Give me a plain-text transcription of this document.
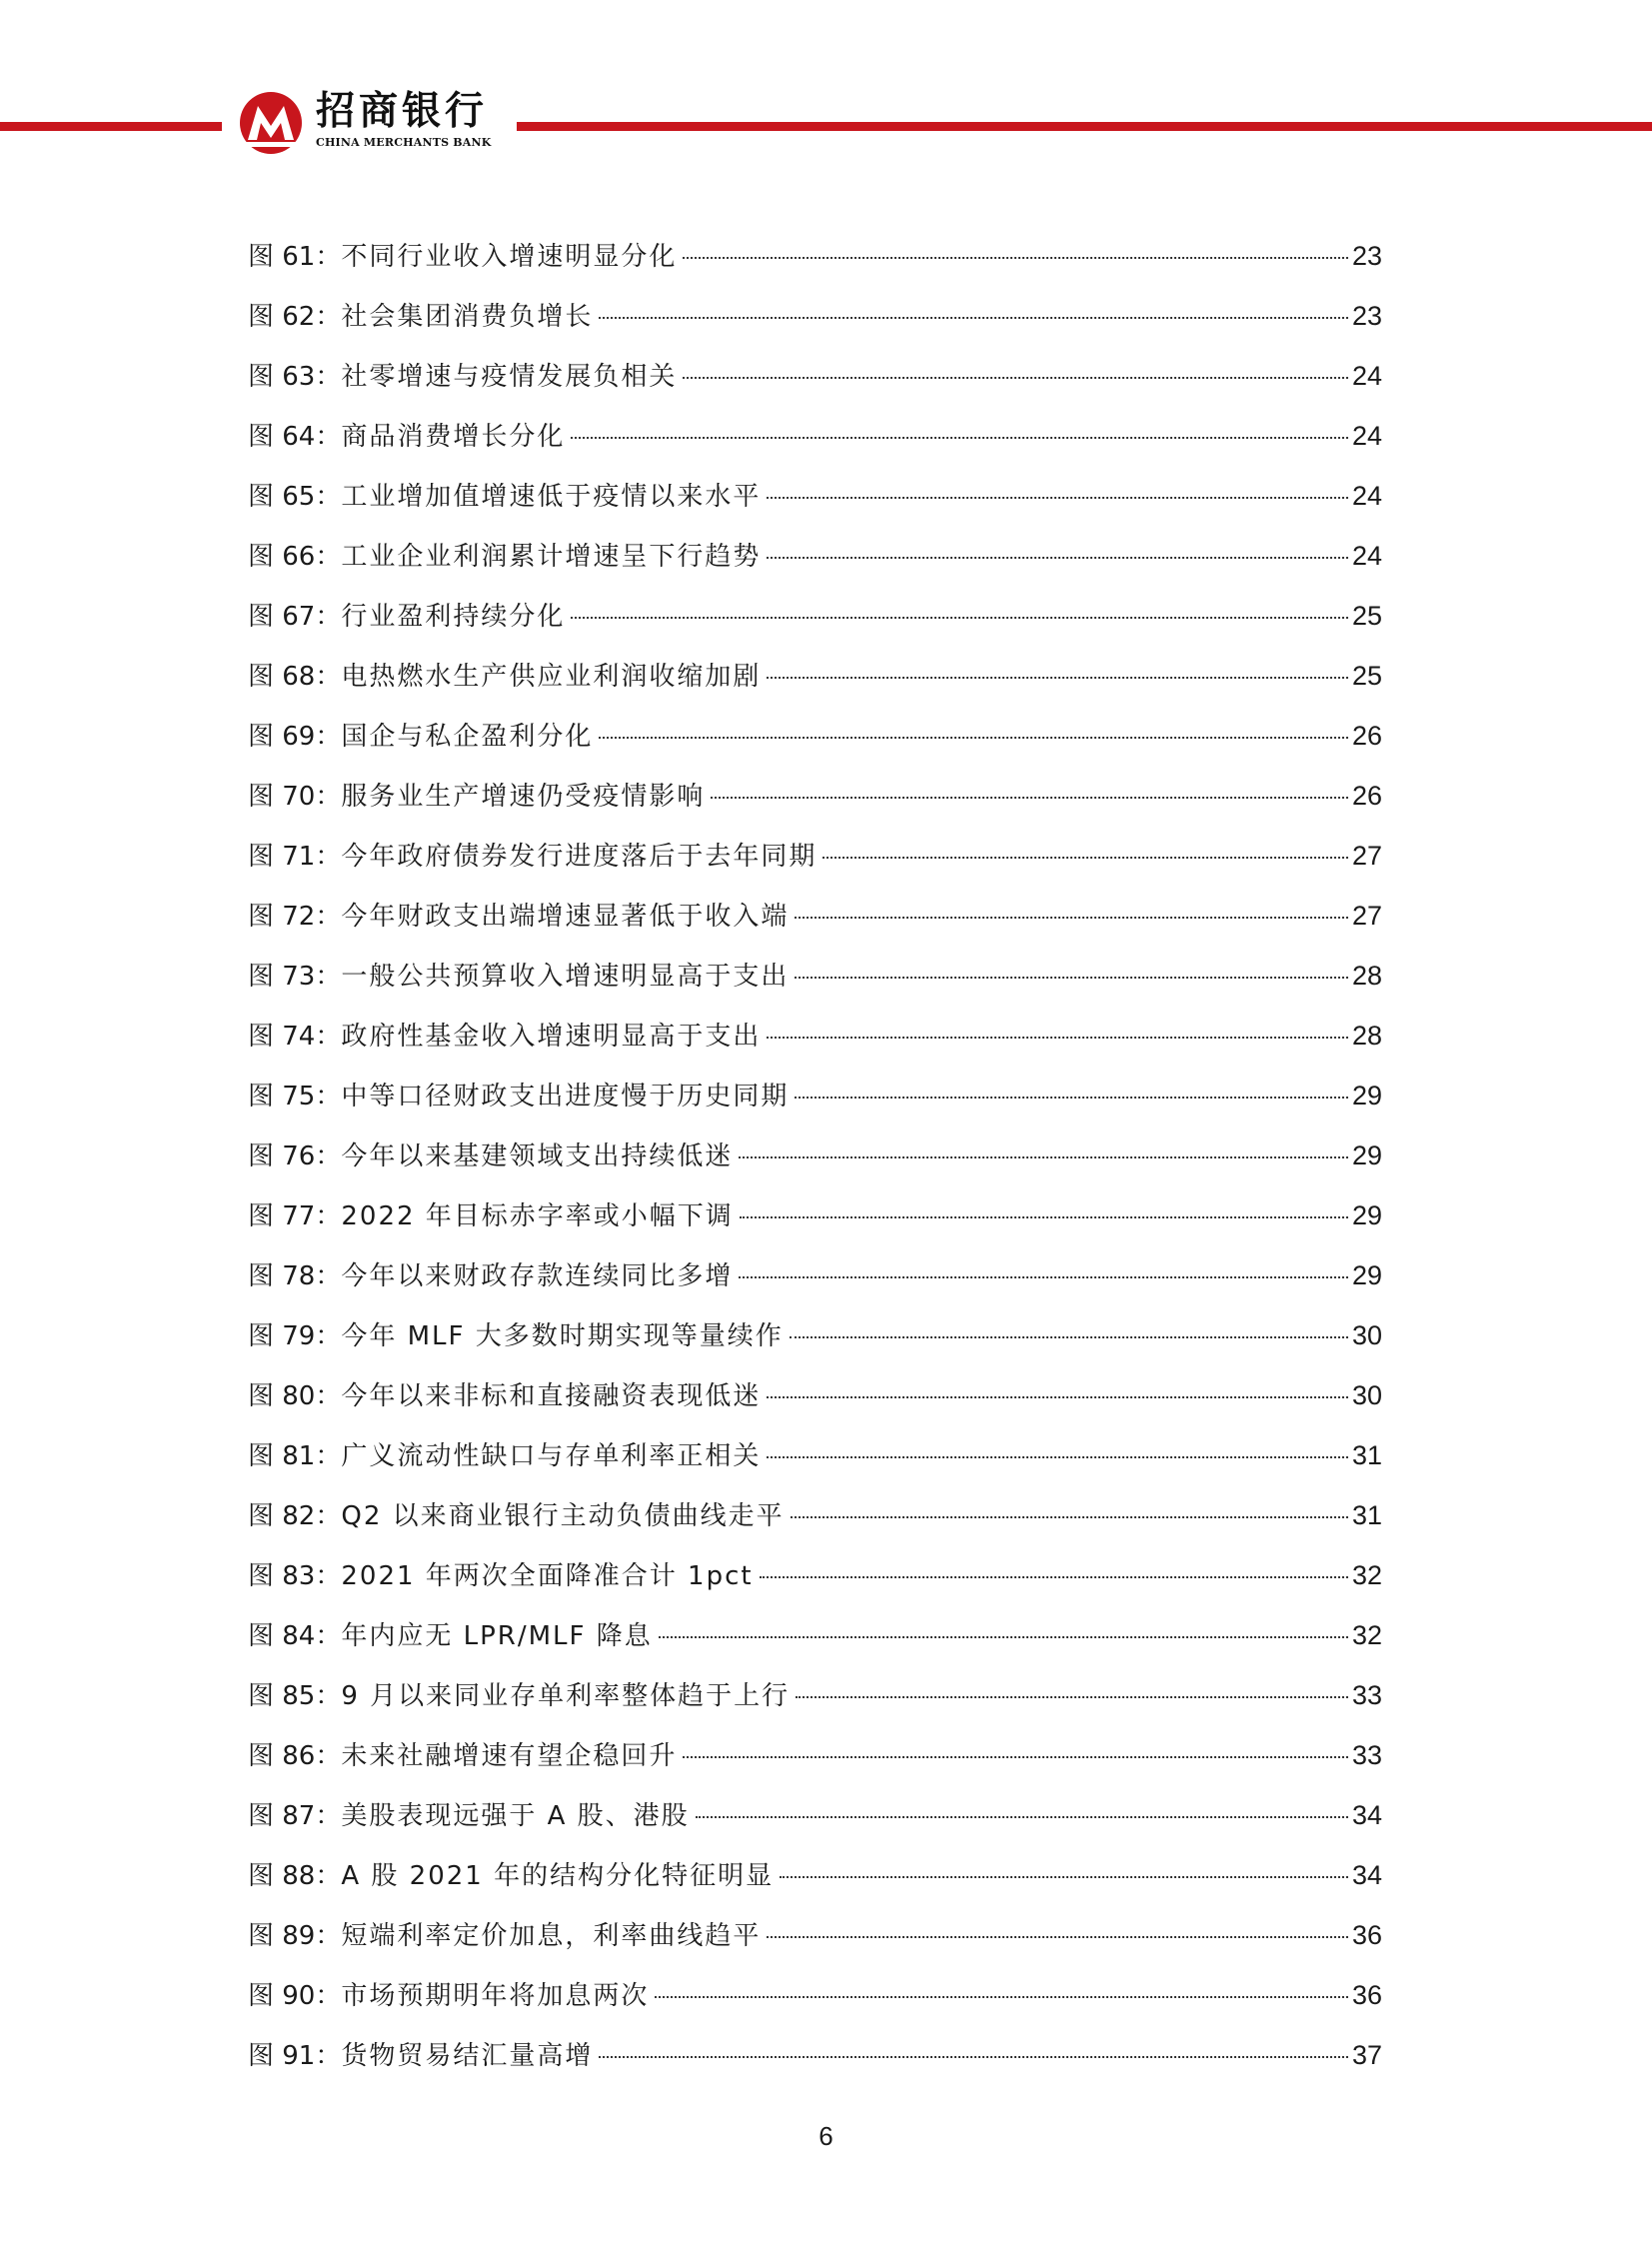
招商银行
CHINA MERCHANTS BANK
图 61： 不同行业收入增速明显分化	23
图 62： 社会集团消费负增长	23
图 63： 社零增速与疫情发展负相关	24
图 64： 商品消费增长分化	24
图 65： 工业增加值增速低于疫情以来水平	24
图 66： 工业企业利润累计增速呈下行趋势	24
图 67： 行业盈利持续分化	25
图 68： 电热燃水生产供应业利润收缩加剧	25
图 69： 国企与私企盈利分化	26
图 70： 服务业生产增速仍受疫情影响	26
图 71： 今年政府债券发行进度落后于去年同期	27
图 72： 今年财政支出端增速显著低于收入端	27
图 73： 一般公共预算收入增速明显高于支出	28
图 74： 政府性基金收入增速明显高于支出	28
图 75： 中等口径财政支出进度慢于历史同期	29
图 76： 今年以来基建领域支出持续低迷	29
图 77： 2022 年目标赤字率或小幅下调	29
图 78： 今年以来财政存款连续同比多增	29
图 79： 今年 MLF 大多数时期实现等量续作	30
图 80： 今年以来非标和直接融资表现低迷	30
图 81： 广义流动性缺口与存单利率正相关	31
图 82： Q2 以来商业银行主动负债曲线走平	31
图 83： 2021 年两次全面降准合计 1pct	32
图 84： 年内应无 LPR/MLF 降息	32
图 85： 9 月以来同业存单利率整体趋于上行	33
图 86： 未来社融增速有望企稳回升	33
图 87： 美股表现远强于 A 股、港股	34
图 88： A 股 2021 年的结构分化特征明显	34
图 89： 短端利率定价加息，利率曲线趋平	36
图 90： 市场预期明年将加息两次	36
图 91： 货物贸易结汇量高增	37
6
